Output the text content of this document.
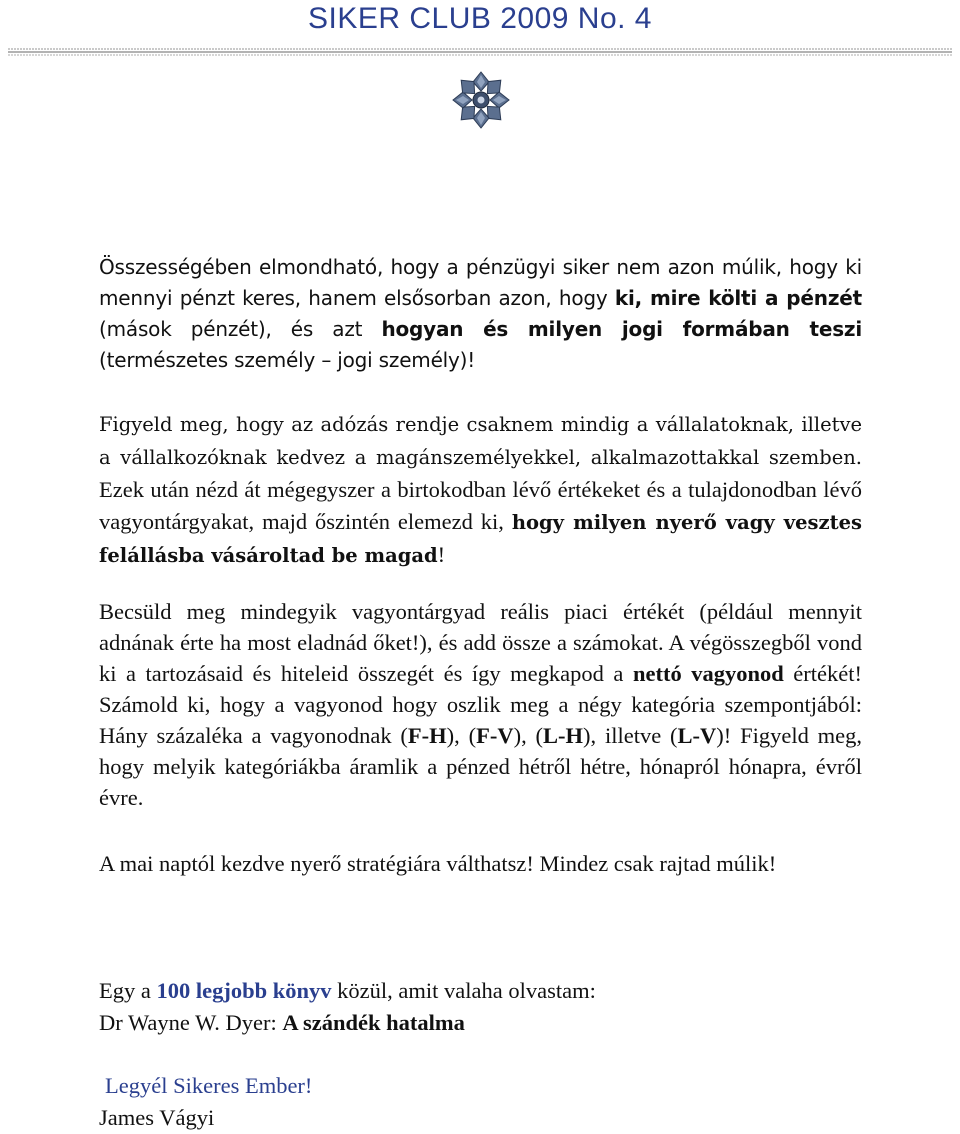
SIKER CLUB 2009 No. 4

Összességében elmondható, hogy a pénzügyi siker nem azon múlik, hogy ki mennyi pénzt keres, hanem elsősorban azon, hogy ki, mire költi a pénzét (mások pénzét), és azt hogyan és milyen jogi formában teszi (természetes személy – jogi személy)!

Figyeld meg, hogy az adózás rendje csaknem mindig a vállalatoknak, illetve a vállalkozóknak kedvez a magánszemélyekkel, alkalmazottakkal szemben. Ezek után nézd át mégegyszer a birtokodban lévő értékeket és a tulajdonodban lévő vagyontárgyakat, majd őszintén elemezd ki, hogy milyen nyerő vagy vesztes felállásba vásároltad be magad!

Becsüld meg mindegyik vagyontárgyad reális piaci értékét (például mennyit adnának érte ha most eladnád őket!), és add össze a számokat. A végösszegből vond ki a tartozásaid és hiteleid összegét és így megkapod a nettó vagyonod értékét! Számold ki, hogy a vagyonod hogy oszlik meg a négy kategória szempontjából: Hány százaléka a vagyonodnak (F-H), (F-V), (L-H), illetve (L-V)! Figyeld meg, hogy melyik kategóriákba áramlik a pénzed hétről hétre, hónapról hónapra, évről évre.

A mai naptól kezdve nyerő stratégiára válthatsz! Mindez csak rajtad múlik!

Egy a 100 legjobb könyv közül, amit valaha olvastam:
Dr Wayne W. Dyer: A szándék hatalma
Legyél Sikeres Ember!
James Vágyi
